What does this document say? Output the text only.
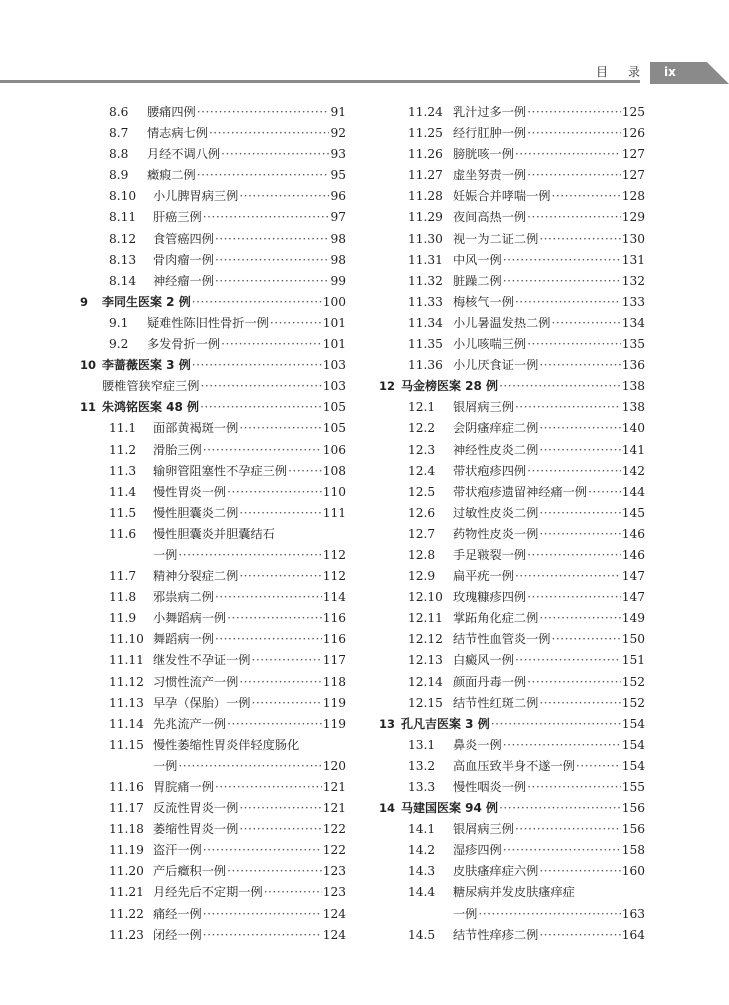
目 录 ix
8.6	腰痛四例 ·····	91
8.7	情志病七例 ·····	92
8.8	月经不调八例 ·····	93
8.9	癥瘕二例 ·····	95
8.10	小儿脾胃病三例 ·····	96
8.11	肝癌三例 ·····	97
8.12	食管癌四例 ·····	98
8.13	骨肉瘤一例 ·····	98
8.14	神经瘤一例 ·····	99
9	李同生医案 2 例 ·····	100
9.1	疑难性陈旧性骨折一例 ·····	101
9.2	多发骨折一例 ·····	101
10 李蔷薇医案 3 例 ·····	103
腰椎管狭窄症三例 ·····	103
11 朱鸿铭医案 48 例 ·····	105
11.1	面部黄褐斑一例 ·····	105
11.2	滑胎三例 ·····	106
11.3	输卵管阻塞性不孕症三例 ·····	108
11.4	慢性胃炎一例 ·····	110
11.5	慢性胆囊炎二例 ·····	111
11.6	慢性胆囊炎并胆囊结石
一例 ·····	112
11.7	精神分裂症二例 ·····	112
11.8	邪祟病二例 ·····	114
11.9	小舞蹈病一例 ·····	116
11.10 舞蹈病一例 ·····	116
11.11 继发性不孕证一例 ·····	117
11.12 习惯性流产一例 ·····	118
11.13 早孕（保胎）一例 ·····	119
11.14 先兆流产一例 ·····	119
11.15 慢性萎缩性胃炎伴轻度肠化
一例 ·····	120
11.16 胃脘痛一例 ·····	121
11.17 反流性胃炎一例 ·····	121
11.18 萎缩性胃炎一例 ·····	122
11.19 盗汗一例 ·····	122
11.20 产后癥积一例 ·····	123
11.21 月经先后不定期一例 ·····	123
11.22 痛经一例 ·····	124
11.23 闭经一例 ·····	124
11.24 乳汁过多一例 ·····	125
11.25 经行肛肿一例 ·····	126
11.26 膀胱咳一例 ·····	127
11.27 虚坐努责一例 ·····	127
11.28 妊娠合并哮喘一例 ·····	128
11.29 夜间高热一例 ·····	129
11.30 视一为二证二例 ·····	130
11.31 中风一例 ·····	131
11.32 脏躁二例 ·····	132
11.33 梅核气一例 ·····	133
11.34 小儿暑温发热二例 ·····	134
11.35 小儿咳喘三例 ·····	135
11.36 小儿厌食证一例 ·····	136
12 马金榜医案 28 例 ·····	138
12.1	银屑病三例 ·····	138
12.2	会阴瘙痒症二例 ·····	140
12.3	神经性皮炎二例 ·····	141
12.4	带状疱疹四例 ·····	142
12.5	带状疱疹遗留神经痛一例 ·····	144
12.6	过敏性皮炎二例 ·····	145
12.7	药物性皮炎一例 ·····	146
12.8	手足皲裂一例 ·····	146
12.9	扁平疣一例 ·····	147
12.10 玫瑰糠疹四例 ·····	147
12.11 掌跖角化症二例 ·····	149
12.12 结节性血管炎一例 ·····	150
12.13 白癜风一例 ·····	151
12.14 颜面丹毒一例 ·····	152
12.15 结节性红斑二例 ·····	152
13 孔凡吉医案 3 例 ·····	154
13.1	鼻炎一例 ·····	154
13.2	高血压致半身不遂一例 ·····	154
13.3	慢性咽炎一例 ·····	155
14 马建国医案 94 例 ·····	156
14.1	银屑病三例 ·····	156
14.2	湿疹四例 ·····	158
14.3	皮肤瘙痒症六例 ·····	160
14.4	糖尿病并发皮肤瘙痒症
一例 ·····	163
14.5	结节性痒疹二例 ·····	164
